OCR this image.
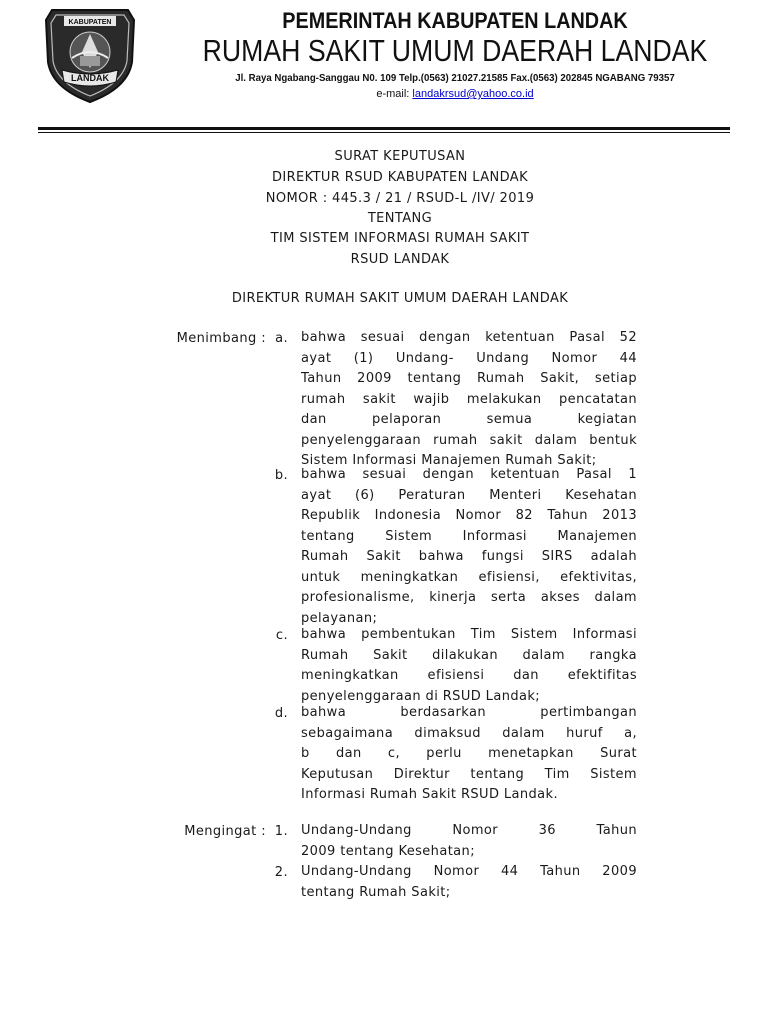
KABUPATEN
LANDAK
PEMERINTAH KABUPATEN LANDAK
RUMAH SAKIT UMUM DAERAH LANDAK
Jl. Raya Ngabang-Sanggau N0. 109 Telp.(0563) 21027.21585 Fax.(0563) 202845 NGABANG 79357
e-mail: landakrsud@yahoo.co.id
SURAT KEPUTUSAN
DIREKTUR RSUD KABUPATEN LANDAK
NOMOR : 445.3 / 21 / RSUD-L /IV/ 2019
TENTANG
TIM SISTEM INFORMASI RUMAH SAKIT
RSUD LANDAK
DIREKTUR RUMAH SAKIT UMUM DAERAH LANDAK
Menimbang : a. bahwa sesuai dengan ketentuan Pasal 52
ayat (1) Undang- Undang Nomor 44
Tahun 2009 tentang Rumah Sakit, setiap
rumah sakit wajib melakukan pencatatan
dan pelaporan semua kegiatan
penyelenggaraan rumah sakit dalam bentuk
Sistem Informasi Manajemen Rumah Sakit;
b. bahwa sesuai dengan ketentuan Pasal 1
ayat (6) Peraturan Menteri Kesehatan
Republik Indonesia Nomor 82 Tahun 2013
tentang Sistem Informasi Manajemen
Rumah Sakit bahwa fungsi SIRS adalah
untuk meningkatkan efisiensi, efektivitas,
profesionalisme, kinerja serta akses dalam
pelayanan;
c. bahwa pembentukan Tim Sistem Informasi
Rumah Sakit dilakukan dalam rangka
meningkatkan efisiensi dan efektifitas
penyelenggaraan di RSUD Landak;
d. bahwa berdasarkan pertimbangan
sebagaimana dimaksud dalam huruf a,
b dan c, perlu menetapkan Surat
Keputusan Direktur tentang Tim Sistem
Informasi Rumah Sakit RSUD Landak.
Mengingat : 1. Undang-Undang Nomor 36 Tahun
2009 tentang Kesehatan;
2. Undang-Undang Nomor 44 Tahun 2009
tentang Rumah Sakit;
